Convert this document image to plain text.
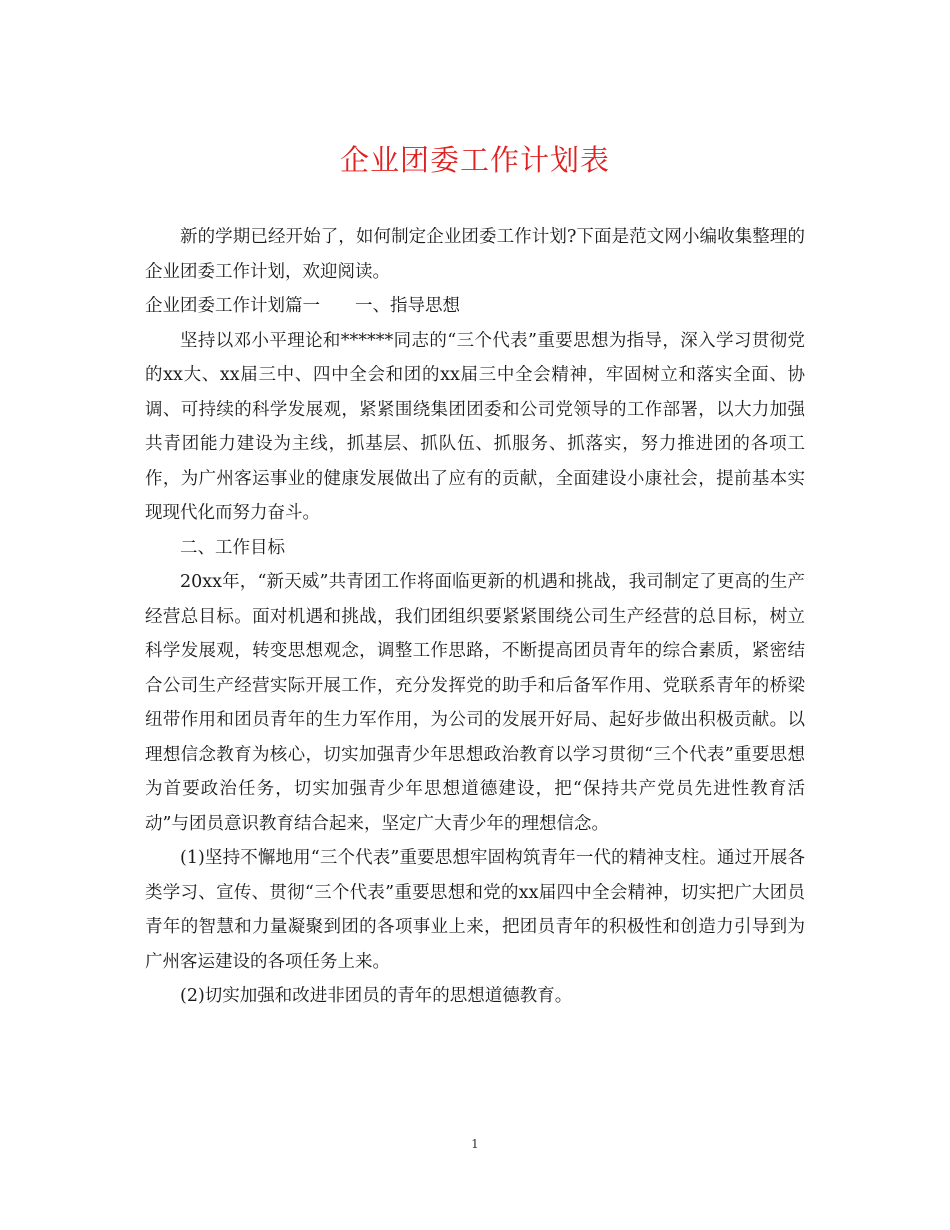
企业团委工作计划表

新的学期已经开始了，如何制定企业团委工作计划?下面是范文网小编收集整理的企业团委工作计划，欢迎阅读。

企业团委工作计划篇一　　一、指导思想

坚持以邓小平理论和******同志的“三个代表”重要思想为指导，深入学习贯彻党的xx大、xx届三中、四中全会和团的xx届三中全会精神，牢固树立和落实全面、协调、可持续的科学发展观，紧紧围绕集团团委和公司党领导的工作部署，以大力加强共青团能力建设为主线，抓基层、抓队伍、抓服务、抓落实，努力推进团的各项工作，为广州客运事业的健康发展做出了应有的贡献，全面建设小康社会，提前基本实现现代化而努力奋斗。

二、工作目标

20xx年，“新天威”共青团工作将面临更新的机遇和挑战，我司制定了更高的生产经营总目标。面对机遇和挑战，我们团组织要紧紧围绕公司生产经营的总目标，树立科学发展观，转变思想观念，调整工作思路，不断提高团员青年的综合素质，紧密结合公司生产经营实际开展工作，充分发挥党的助手和后备军作用、党联系青年的桥梁纽带作用和团员青年的生力军作用，为公司的发展开好局、起好步做出积极贡献。以理想信念教育为核心，切实加强青少年思想政治教育以学习贯彻“三个代表”重要思想为首要政治任务，切实加强青少年思想道德建设，把“保持共产党员先进性教育活动”与团员意识教育结合起来，坚定广大青少年的理想信念。

(1)坚持不懈地用“三个代表”重要思想牢固构筑青年一代的精神支柱。通过开展各类学习、宣传、贯彻“三个代表”重要思想和党的xx届四中全会精神，切实把广大团员青年的智慧和力量凝聚到团的各项事业上来，把团员青年的积极性和创造力引导到为广州客运建设的各项任务上来。

(2)切实加强和改进非团员的青年的思想道德教育。

1
